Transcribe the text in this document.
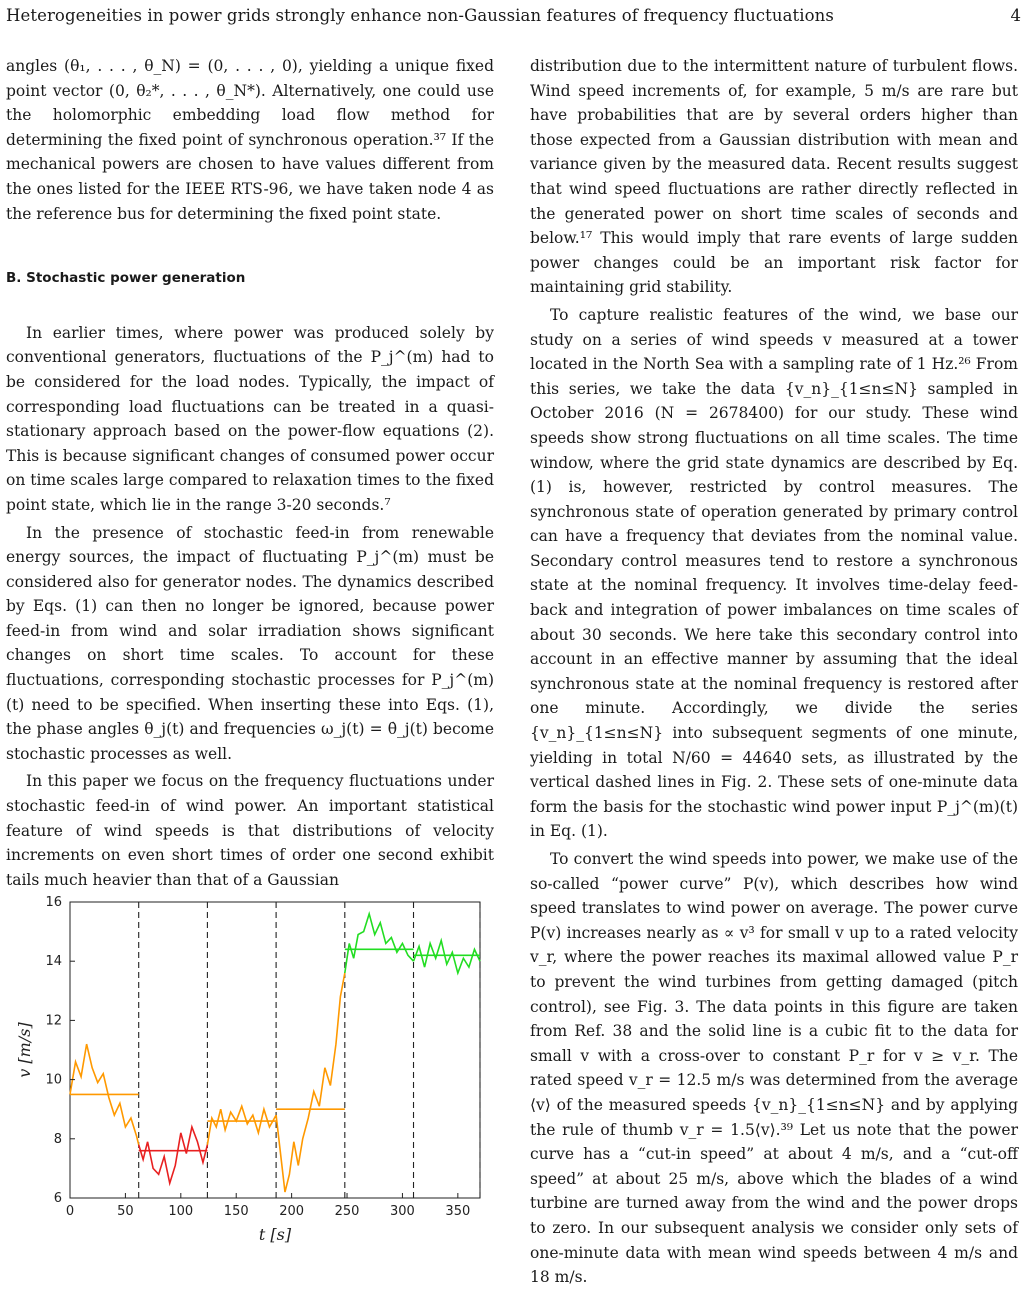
Heterogeneities in power grids strongly enhance non-Gaussian features of frequency fluctuations	4

angles (θ₁, . . . , θ_N) = (0, . . . , 0), yielding a unique fixed point vector (0, θ₂*, . . . , θ_N*). Alternatively, one could use the holomorphic embedding load flow method for determining the fixed point of synchronous operation.³⁷ If the mechanical powers are chosen to have values different from the ones listed for the IEEE RTS-96, we have taken node 4 as the reference bus for determining the fixed point state.

B. Stochastic power generation

In earlier times, where power was produced solely by conventional generators, fluctuations of the P_j^(m) had to be considered for the load nodes. Typically, the impact of corresponding load fluctuations can be treated in a quasi-stationary approach based on the power-flow equations (2). This is because significant changes of consumed power occur on time scales large compared to relaxation times to the fixed point state, which lie in the range 3-20 seconds.⁷

In the presence of stochastic feed-in from renewable energy sources, the impact of fluctuating P_j^(m) must be considered also for generator nodes. The dynamics described by Eqs. (1) can then no longer be ignored, because power feed-in from wind and solar irradiation shows significant changes on short time scales. To account for these fluctuations, corresponding stochastic processes for P_j^(m)(t) need to be specified. When inserting these into Eqs. (1), the phase angles θ_j(t) and frequencies ω_j(t) = θ̇_j(t) become stochastic processes as well.

In this paper we focus on the frequency fluctuations under stochastic feed-in of wind power. An important statistical feature of wind speeds is that distributions of velocity increments on even short times of order one second exhibit tails much heavier than that of a Gaussian

distribution due to the intermittent nature of turbulent flows. Wind speed increments of, for example, 5 m/s are rare but have probabilities that are by several orders higher than those expected from a Gaussian distribution with mean and variance given by the measured data. Recent results suggest that wind speed fluctuations are rather directly reflected in the generated power on short time scales of seconds and below.¹⁷ This would imply that rare events of large sudden power changes could be an important risk factor for maintaining grid stability.

To capture realistic features of the wind, we base our study on a series of wind speeds v measured at a tower located in the North Sea with a sampling rate of 1 Hz.²⁶ From this series, we take the data {v_n}_{1≤n≤N} sampled in October 2016 (N = 2678400) for our study. These wind speeds show strong fluctuations on all time scales. The time window, where the grid state dynamics are described by Eq. (1) is, however, restricted by control measures. The synchronous state of operation generated by primary control can have a frequency that deviates from the nominal value. Secondary control measures tend to restore a synchronous state at the nominal frequency. It involves time-delay feed-back and integration of power imbalances on time scales of about 30 seconds. We here take this secondary control into account in an effective manner by assuming that the ideal synchronous state at the nominal frequency is restored after one minute. Accordingly, we divide the series {v_n}_{1≤n≤N} into subsequent segments of one minute, yielding in total N/60 = 44640 sets, as illustrated by the vertical dashed lines in Fig. 2. These sets of one-minute data form the basis for the stochastic wind power input P_j^(m)(t) in Eq. (1).

To convert the wind speeds into power, we make use of the so-called “power curve” P(v), which describes how wind speed translates to wind power on average. The power curve P(v) increases nearly as ∝ v³ for small v up to a rated velocity v_r, where the power reaches its maximal allowed value P_r to prevent the wind turbines from getting damaged (pitch control), see Fig. 3. The data points in this figure are taken from Ref. 38 and the solid line is a cubic fit to the data for small v with a cross-over to constant P_r for v ≥ v_r. The rated speed v_r = 12.5 m/s was determined from the average ⟨v⟩ of the measured speeds {v_n}_{1≤n≤N} and by applying the rule of thumb v_r = 1.5⟨v⟩.³⁹ Let us note that the power curve has a “cut-in speed” at about 4 m/s, and a “cut-off speed” at about 25 m/s, above which the blades of a wind turbine are turned away from the wind and the power drops to zero. In our subsequent analysis we consider only sets of one-minute data with mean wind speeds between 4 m/s and 18 m/s.

0	50	100 150 200 250 300 350
6
8
10
12
14
16
t [s]
v [m/s]
